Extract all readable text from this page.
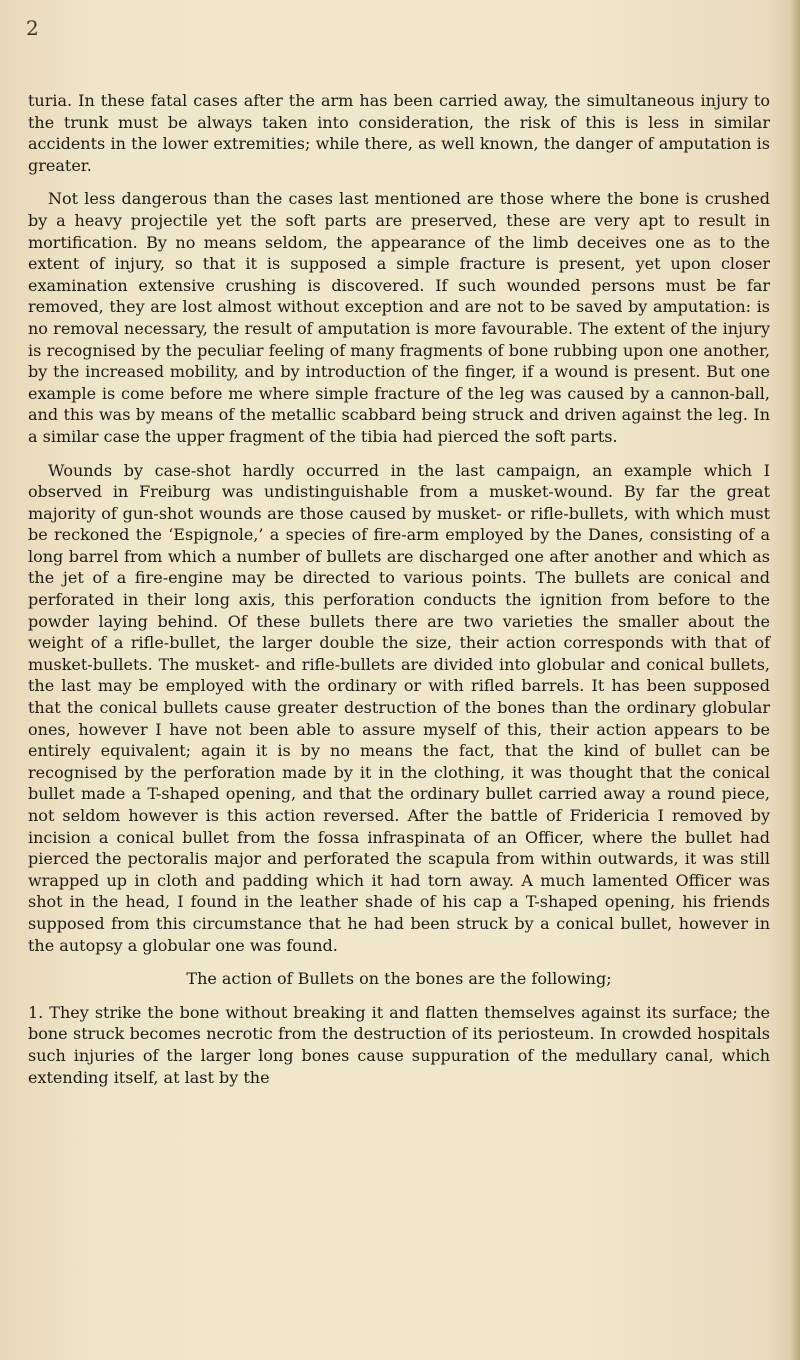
2

turia. In these fatal cases after the arm has been carried away, the simultaneous injury to the trunk must be always taken into consideration, the risk of this is less in similar accidents in the lower extremities; while there, as well known, the danger of amputation is greater.

Not less dangerous than the cases last mentioned are those where the bone is crushed by a heavy projectile yet the soft parts are preserved, these are very apt to result in mortification. By no means seldom, the appearance of the limb deceives one as to the extent of injury, so that it is supposed a simple fracture is present, yet upon closer examination extensive crushing is discovered. If such wounded persons must be far removed, they are lost almost without exception and are not to be saved by amputation: is no removal necessary, the result of amputation is more favourable. The extent of the injury is recognised by the peculiar feeling of many fragments of bone rubbing upon one another, by the increased mobility, and by introduction of the finger, if a wound is present. But one example is come before me where simple fracture of the leg was caused by a cannon-ball, and this was by means of the metallic scabbard being struck and driven against the leg. In a similar case the upper fragment of the tibia had pierced the soft parts.

Wounds by case-shot hardly occurred in the last campaign, an example which I observed in Freiburg was undistinguishable from a musket-wound. By far the great majority of gun-shot wounds are those caused by musket- or rifle-bullets, with which must be reckoned the ‘Espignole,’ a species of fire-arm employed by the Danes, consisting of a long barrel from which a number of bullets are discharged one after another and which as the jet of a fire-engine may be directed to various points. The bullets are conical and perforated in their long axis, this perforation conducts the ignition from before to the powder laying behind. Of these bullets there are two varieties the smaller about the weight of a rifle-bullet, the larger double the size, their action corresponds with that of musket-bullets. The musket- and rifle-bullets are divided into globular and conical bullets, the last may be employed with the ordinary or with rifled barrels. It has been supposed that the conical bullets cause greater destruction of the bones than the ordinary globular ones, however I have not been able to assure myself of this, their action appears to be entirely equivalent; again it is by no means the fact, that the kind of bullet can be recognised by the perforation made by it in the clothing, it was thought that the conical bullet made a T-shaped opening, and that the ordinary bullet carried away a round piece, not seldom however is this action reversed. After the battle of Fridericia I removed by incision a conical bullet from the fossa infraspinata of an Officer, where the bullet had pierced the pectoralis major and perforated the scapula from within outwards, it was still wrapped up in cloth and padding which it had torn away. A much lamented Officer was shot in the head, I found in the leather shade of his cap a T-shaped opening, his friends supposed from this circumstance that he had been struck by a conical bullet, however in the autopsy a globular one was found.

The action of Bullets on the bones are the following;

1. They strike the bone without breaking it and flatten themselves against its surface; the bone struck becomes necrotic from the destruction of its periosteum. In crowded hospitals such injuries of the larger long bones cause suppuration of the medullary canal, which extending itself, at last by the
